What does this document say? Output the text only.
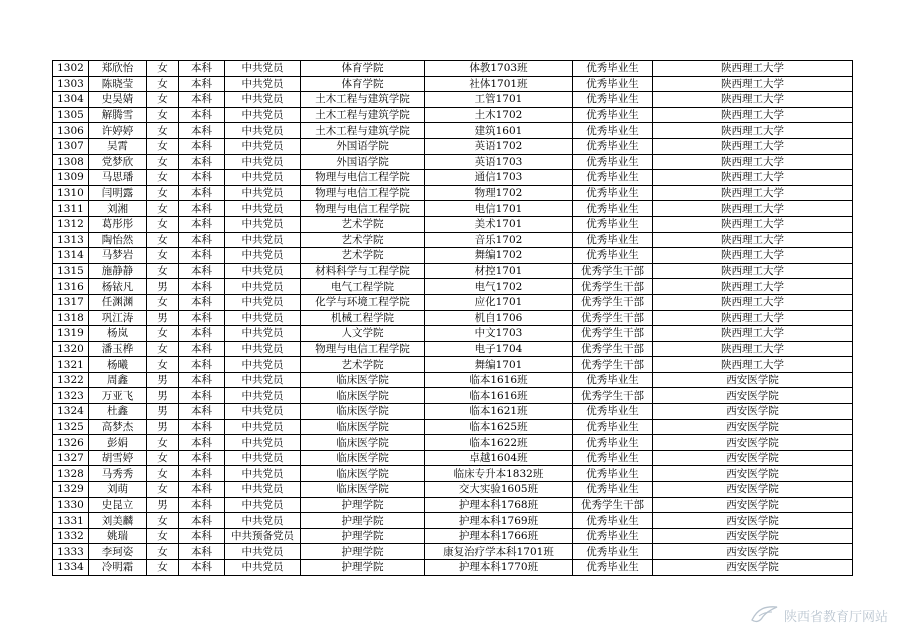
1302	郑欣怡	女	本科	中共党员	体育学院	体教1703班	优秀毕业生	陕西理工大学
1303	陈晓莹	女	本科	中共党员	体育学院	社体1701班	优秀毕业生	陕西理工大学
1304	史昊婧	女	本科	中共党员	土木工程与建筑学院	工管1701	优秀毕业生	陕西理工大学
1305	解腾雪	女	本科	中共党员	土木工程与建筑学院	土木1702	优秀毕业生	陕西理工大学
1306	许婷婷	女	本科	中共党员	土木工程与建筑学院	建筑1601	优秀毕业生	陕西理工大学
1307	吴霄	女	本科	中共党员	外国语学院	英语1702	优秀毕业生	陕西理工大学
1308	党梦欣	女	本科	中共党员	外国语学院	英语1703	优秀毕业生	陕西理工大学
1309	马思璠	女	本科	中共党员	物理与电信工程学院	通信1703	优秀毕业生	陕西理工大学
1310	闫明露	女	本科	中共党员	物理与电信工程学院	物理1702	优秀毕业生	陕西理工大学
1311	刘湘	女	本科	中共党员	物理与电信工程学院	电信1701	优秀毕业生	陕西理工大学
1312	葛彤彤	女	本科	中共党员	艺术学院	美术1701	优秀毕业生	陕西理工大学
1313	陶怡然	女	本科	中共党员	艺术学院	音乐1702	优秀毕业生	陕西理工大学
1314	马梦岩	女	本科	中共党员	艺术学院	舞编1702	优秀毕业生	陕西理工大学
1315	施静静	女	本科	中共党员	材料科学与工程学院	材控1701	优秀学生干部	陕西理工大学
1316	杨铱凡	男	本科	中共党员	电气工程学院	电气1702	优秀学生干部	陕西理工大学
1317	任渊渊	女	本科	中共党员	化学与环境工程学院	应化1701	优秀学生干部	陕西理工大学
1318	巩江涛	男	本科	中共党员	机械工程学院	机自1706	优秀学生干部	陕西理工大学
1319	杨岚	女	本科	中共党员	人文学院	中文1703	优秀学生干部	陕西理工大学
1320	潘玉桦	女	本科	中共党员	物理与电信工程学院	电子1704	优秀学生干部	陕西理工大学
1321	杨曦	女	本科	中共党员	艺术学院	舞编1701	优秀学生干部	陕西理工大学
1322	周鑫	男	本科	中共党员	临床医学院	临本1616班	优秀毕业生	西安医学院
1323	万亚飞	男	本科	中共党员	临床医学院	临本1616班	优秀学生干部	西安医学院
1324	杜鑫	男	本科	中共党员	临床医学院	临本1621班	优秀毕业生	西安医学院
1325	高梦杰	男	本科	中共党员	临床医学院	临本1625班	优秀毕业生	西安医学院
1326	彭娟	女	本科	中共党员	临床医学院	临本1622班	优秀毕业生	西安医学院
1327	胡雪婷	女	本科	中共党员	临床医学院	卓越1604班	优秀毕业生	西安医学院
1328	马秀秀	女	本科	中共党员	临床医学院	临床专升本1832班	优秀毕业生	西安医学院
1329	刘萌	女	本科	中共党员	临床医学院	交大实验1605班	优秀毕业生	西安医学院
1330	史昆立	男	本科	中共党员	护理学院	护理本科1768班	优秀学生干部	西安医学院
1331	刘美麟	女	本科	中共党员	护理学院	护理本科1769班	优秀毕业生	西安医学院
1332	姚瑞	女	本科	中共预备党员	护理学院	护理本科1766班	优秀毕业生	西安医学院
1333	李珂姿	女	本科	中共党员	护理学院	康复治疗学本科1701班	优秀毕业生	西安医学院
1334	冷明霜	女	本科	中共党员	护理学院	护理本科1770班	优秀毕业生	西安医学院
陕西省教育厅网站
